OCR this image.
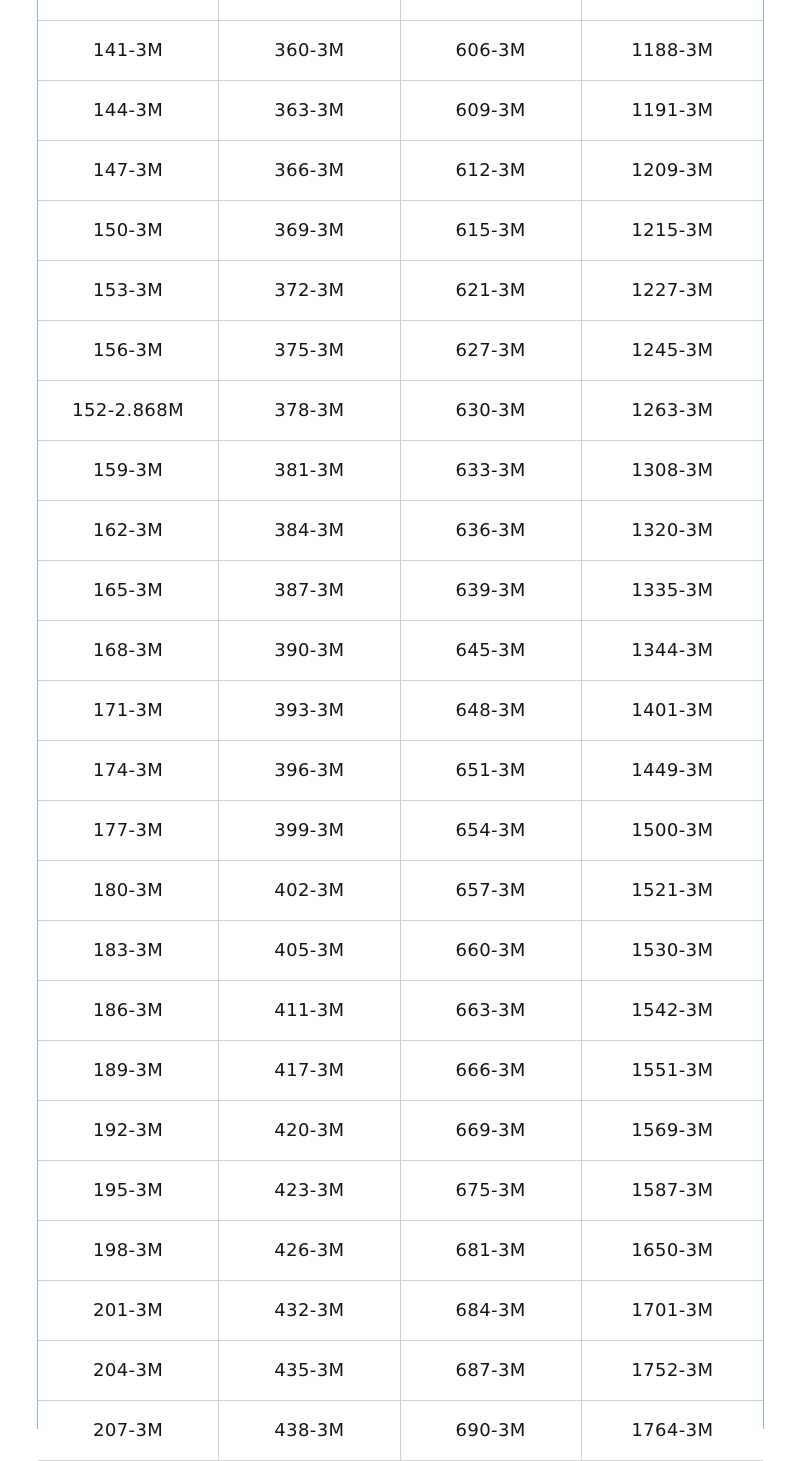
141-3M	360-3M	606-3M	1188-3M
144-3M	363-3M	609-3M	1191-3M
147-3M	366-3M	612-3M	1209-3M
150-3M	369-3M	615-3M	1215-3M
153-3M	372-3M	621-3M	1227-3M
156-3M	375-3M	627-3M	1245-3M
152-2.868M	378-3M	630-3M	1263-3M
159-3M	381-3M	633-3M	1308-3M
162-3M	384-3M	636-3M	1320-3M
165-3M	387-3M	639-3M	1335-3M
168-3M	390-3M	645-3M	1344-3M
171-3M	393-3M	648-3M	1401-3M
174-3M	396-3M	651-3M	1449-3M
177-3M	399-3M	654-3M	1500-3M
180-3M	402-3M	657-3M	1521-3M
183-3M	405-3M	660-3M	1530-3M
186-3M	411-3M	663-3M	1542-3M
189-3M	417-3M	666-3M	1551-3M
192-3M	420-3M	669-3M	1569-3M
195-3M	423-3M	675-3M	1587-3M
198-3M	426-3M	681-3M	1650-3M
201-3M	432-3M	684-3M	1701-3M
204-3M	435-3M	687-3M	1752-3M
207-3M	438-3M	690-3M	1764-3M
